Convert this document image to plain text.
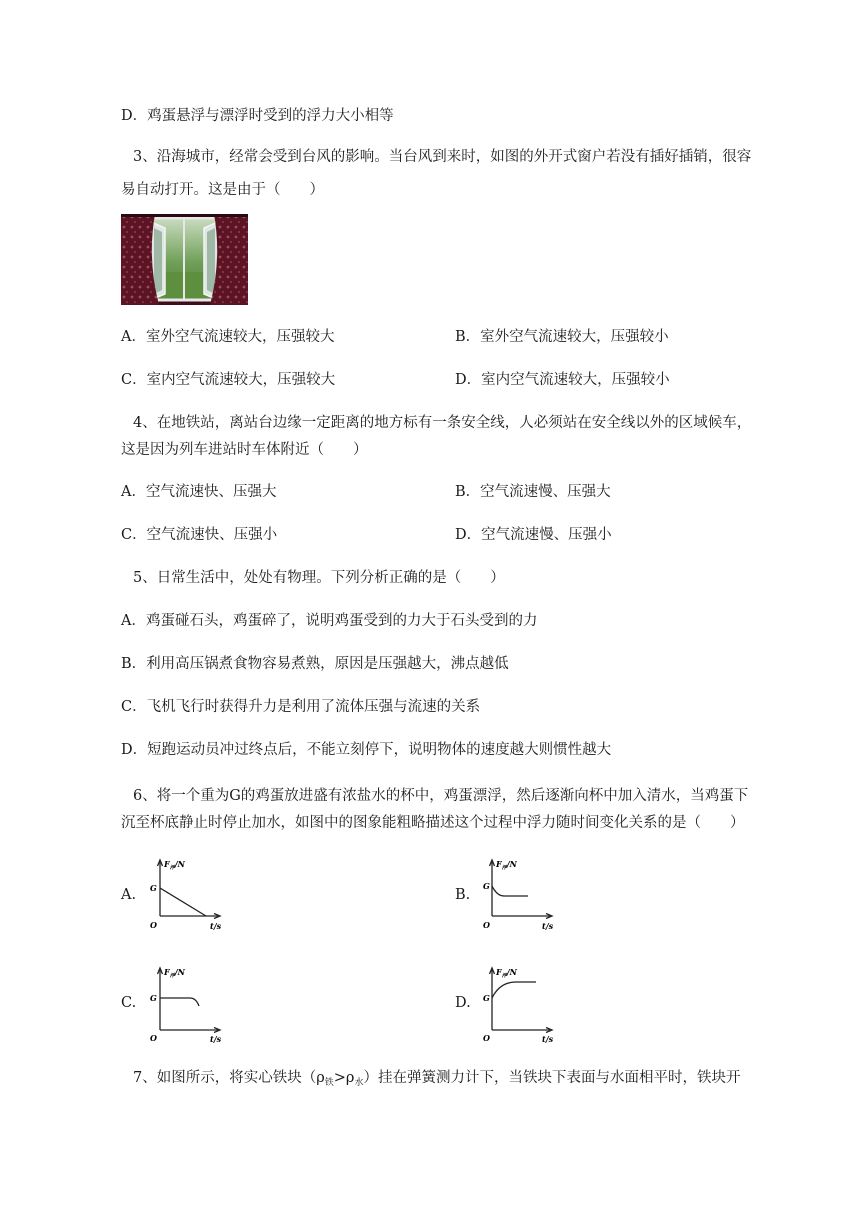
D．鸡蛋悬浮与漂浮时受到的浮力大小相等
3、沿海城市，经常会受到台风的影响。当台风到来时，如图的外开式窗户若没有插好插销，很容
易自动打开。这是由于（　　）
A．室外空气流速较大，压强较大	B．室外空气流速较大，压强较小
C．室内空气流速较大，压强较大	D．室内空气流速较大，压强较小
4、在地铁站，离站台边缘一定距离的地方标有一条安全线，人必须站在安全线以外的区域候车，
这是因为列车进站时车体附近（　　）
A．空气流速快、压强大	B．空气流速慢、压强大
C．空气流速快、压强小	D．空气流速慢、压强小
5、日常生活中，处处有物理。下列分析正确的是（　　）
A．鸡蛋碰石头，鸡蛋碎了，说明鸡蛋受到的力大于石头受到的力
B．利用高压锅煮食物容易煮熟，原因是压强越大，沸点越低
C．飞机飞行时获得升力是利用了流体压强与流速的关系
D．短跑运动员冲过终点后，不能立刻停下，说明物体的速度越大则惯性越大
6、将一个重为G的鸡蛋放进盛有浓盐水的杯中，鸡蛋漂浮，然后逐渐向杯中加入清水，当鸡蛋下
沉至杯底静止时停止加水，如图中的图象能粗略描述这个过程中浮力随时间变化关系的是（　　）
A.	B.
C.	D.
$F_浮/N$
G
O	t/s
$F_浮/N$
G
O	t/s
$F_浮/N$
G
O	t/s
$F_浮/N$
G
O	t/s
7、如图所示，将实心铁块$(\rho_铁>\rho_水)$挂在弹簧测力计下，当铁块下表面与水面相平时，铁块开
